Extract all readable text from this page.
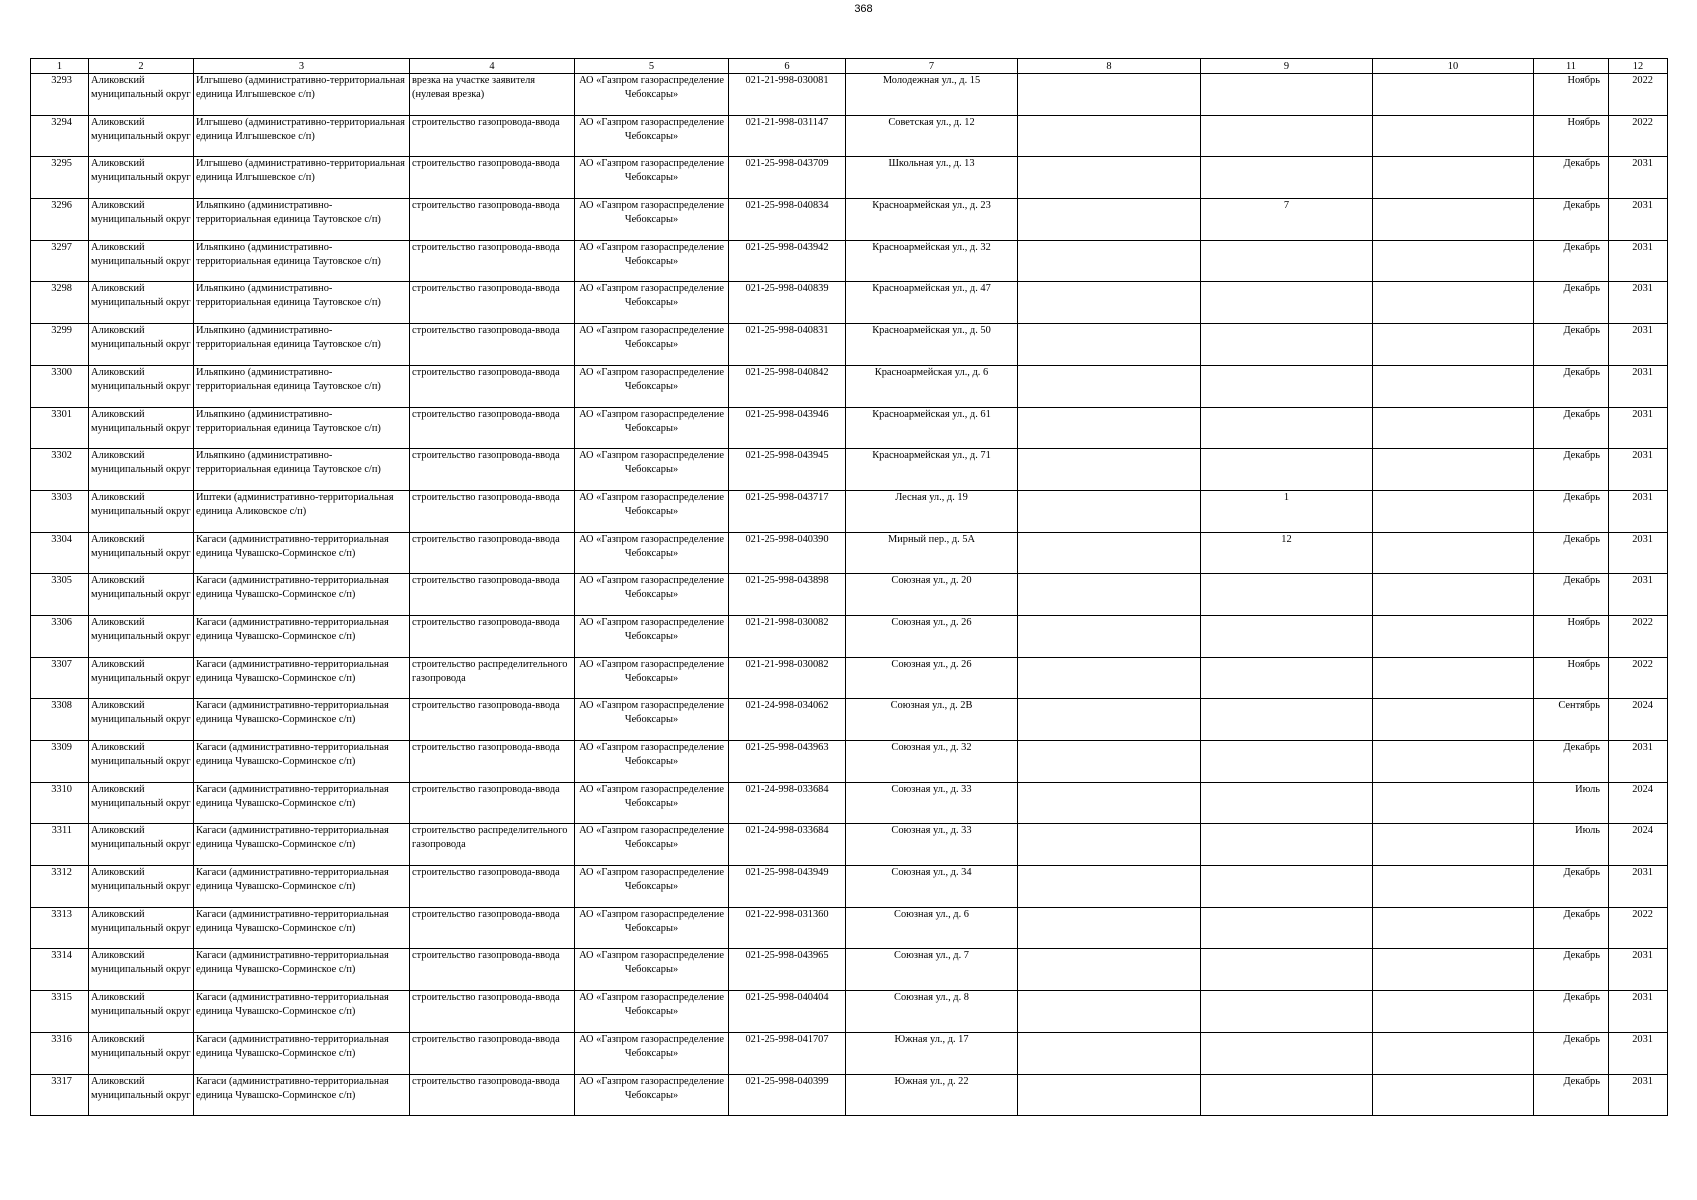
368
1	2	3	4	5	6	7	8	9	10	11	12

3293	Аликовский муниципальный округ	Илгышево (административно-территориальная единица Илгышевское с/п)	врезка на участке заявителя (нулевая врезка)	АО «Газпром газораспределение Чебоксары»	021-21-998-030081	Молодежная ул., д. 15				Ноябрь	2022

3294	Аликовский муниципальный округ	Илгышево (административно-территориальная единица Илгышевское с/п)	строительство газопровода-ввода	АО «Газпром газораспределение Чебоксары»	021-21-998-031147	Советская ул., д. 12				Ноябрь	2022

3295	Аликовский муниципальный округ	Илгышево (административно-территориальная единица Илгышевское с/п)	строительство газопровода-ввода	АО «Газпром газораспределение Чебоксары»	021-25-998-043709	Школьная ул., д. 13				Декабрь	2031

3296	Аликовский муниципальный округ	Ильяпкино (административно-территориальная единица Таутовское с/п)	строительство газопровода-ввода	АО «Газпром газораспределение Чебоксары»	021-25-998-040834	Красноармейская ул., д. 23		7		Декабрь	2031

3297	Аликовский муниципальный округ	Ильяпкино (административно-территориальная единица Таутовское с/п)	строительство газопровода-ввода	АО «Газпром газораспределение Чебоксары»	021-25-998-043942	Красноармейская ул., д. 32				Декабрь	2031

3298	Аликовский муниципальный округ	Ильяпкино (административно-территориальная единица Таутовское с/п)	строительство газопровода-ввода	АО «Газпром газораспределение Чебоксары»	021-25-998-040839	Красноармейская ул., д. 47				Декабрь	2031

3299	Аликовский муниципальный округ	Ильяпкино (административно-территориальная единица Таутовское с/п)	строительство газопровода-ввода	АО «Газпром газораспределение Чебоксары»	021-25-998-040831	Красноармейская ул., д. 50				Декабрь	2031

3300	Аликовский муниципальный округ	Ильяпкино (административно-территориальная единица Таутовское с/п)	строительство газопровода-ввода	АО «Газпром газораспределение Чебоксары»	021-25-998-040842	Красноармейская ул., д. 6				Декабрь	2031

3301	Аликовский муниципальный округ	Ильяпкино (административно-территориальная единица Таутовское с/п)	строительство газопровода-ввода	АО «Газпром газораспределение Чебоксары»	021-25-998-043946	Красноармейская ул., д. 61				Декабрь	2031

3302	Аликовский муниципальный округ	Ильяпкино (административно-территориальная единица Таутовское с/п)	строительство газопровода-ввода	АО «Газпром газораспределение Чебоксары»	021-25-998-043945	Красноармейская ул., д. 71				Декабрь	2031

3303	Аликовский муниципальный округ	Иштеки (административно-территориальная единица Аликовское с/п)	строительство газопровода-ввода	АО «Газпром газораспределение Чебоксары»	021-25-998-043717	Лесная ул., д. 19		1		Декабрь	2031

3304	Аликовский муниципальный округ	Кагаси (административно-территориальная единица Чувашско-Сорминское с/п)	строительство газопровода-ввода	АО «Газпром газораспределение Чебоксары»	021-25-998-040390	Мирный пер., д. 5А		12		Декабрь	2031

3305	Аликовский муниципальный округ	Кагаси (административно-территориальная единица Чувашско-Сорминское с/п)	строительство газопровода-ввода	АО «Газпром газораспределение Чебоксары»	021-25-998-043898	Союзная ул., д. 20				Декабрь	2031

3306	Аликовский муниципальный округ	Кагаси (административно-территориальная единица Чувашско-Сорминское с/п)	строительство газопровода-ввода	АО «Газпром газораспределение Чебоксары»	021-21-998-030082	Союзная ул., д. 26				Ноябрь	2022

3307	Аликовский муниципальный округ	Кагаси (административно-территориальная единица Чувашско-Сорминское с/п)	строительство распределительного газопровода	АО «Газпром газораспределение Чебоксары»	021-21-998-030082	Союзная ул., д. 26				Ноябрь	2022

3308	Аликовский муниципальный округ	Кагаси (административно-территориальная единица Чувашско-Сорминское с/п)	строительство газопровода-ввода	АО «Газпром газораспределение Чебоксары»	021-24-998-034062	Союзная ул., д. 2В				Сентябрь	2024

3309	Аликовский муниципальный округ	Кагаси (административно-территориальная единица Чувашско-Сорминское с/п)	строительство газопровода-ввода	АО «Газпром газораспределение Чебоксары»	021-25-998-043963	Союзная ул., д. 32				Декабрь	2031

3310	Аликовский муниципальный округ	Кагаси (административно-территориальная единица Чувашско-Сорминское с/п)	строительство газопровода-ввода	АО «Газпром газораспределение Чебоксары»	021-24-998-033684	Союзная ул., д. 33				Июль	2024

3311	Аликовский муниципальный округ	Кагаси (административно-территориальная единица Чувашско-Сорминское с/п)	строительство распределительного газопровода	АО «Газпром газораспределение Чебоксары»	021-24-998-033684	Союзная ул., д. 33				Июль	2024

3312	Аликовский муниципальный округ	Кагаси (административно-территориальная единица Чувашско-Сорминское с/п)	строительство газопровода-ввода	АО «Газпром газораспределение Чебоксары»	021-25-998-043949	Союзная ул., д. 34				Декабрь	2031

3313	Аликовский муниципальный округ	Кагаси (административно-территориальная единица Чувашско-Сорминское с/п)	строительство газопровода-ввода	АО «Газпром газораспределение Чебоксары»	021-22-998-031360	Союзная ул., д. 6				Декабрь	2022

3314	Аликовский муниципальный округ	Кагаси (административно-территориальная единица Чувашско-Сорминское с/п)	строительство газопровода-ввода	АО «Газпром газораспределение Чебоксары»	021-25-998-043965	Союзная ул., д. 7				Декабрь	2031

3315	Аликовский муниципальный округ	Кагаси (административно-территориальная единица Чувашско-Сорминское с/п)	строительство газопровода-ввода	АО «Газпром газораспределение Чебоксары»	021-25-998-040404	Союзная ул., д. 8				Декабрь	2031

3316	Аликовский муниципальный округ	Кагаси (административно-территориальная единица Чувашско-Сорминское с/п)	строительство газопровода-ввода	АО «Газпром газораспределение Чебоксары»	021-25-998-041707	Южная ул., д. 17				Декабрь	2031

3317	Аликовский муниципальный округ	Кагаси (административно-территориальная единица Чувашско-Сорминское с/п)	строительство газопровода-ввода	АО «Газпром газораспределение Чебоксары»	021-25-998-040399	Южная ул., д. 22				Декабрь	2031
